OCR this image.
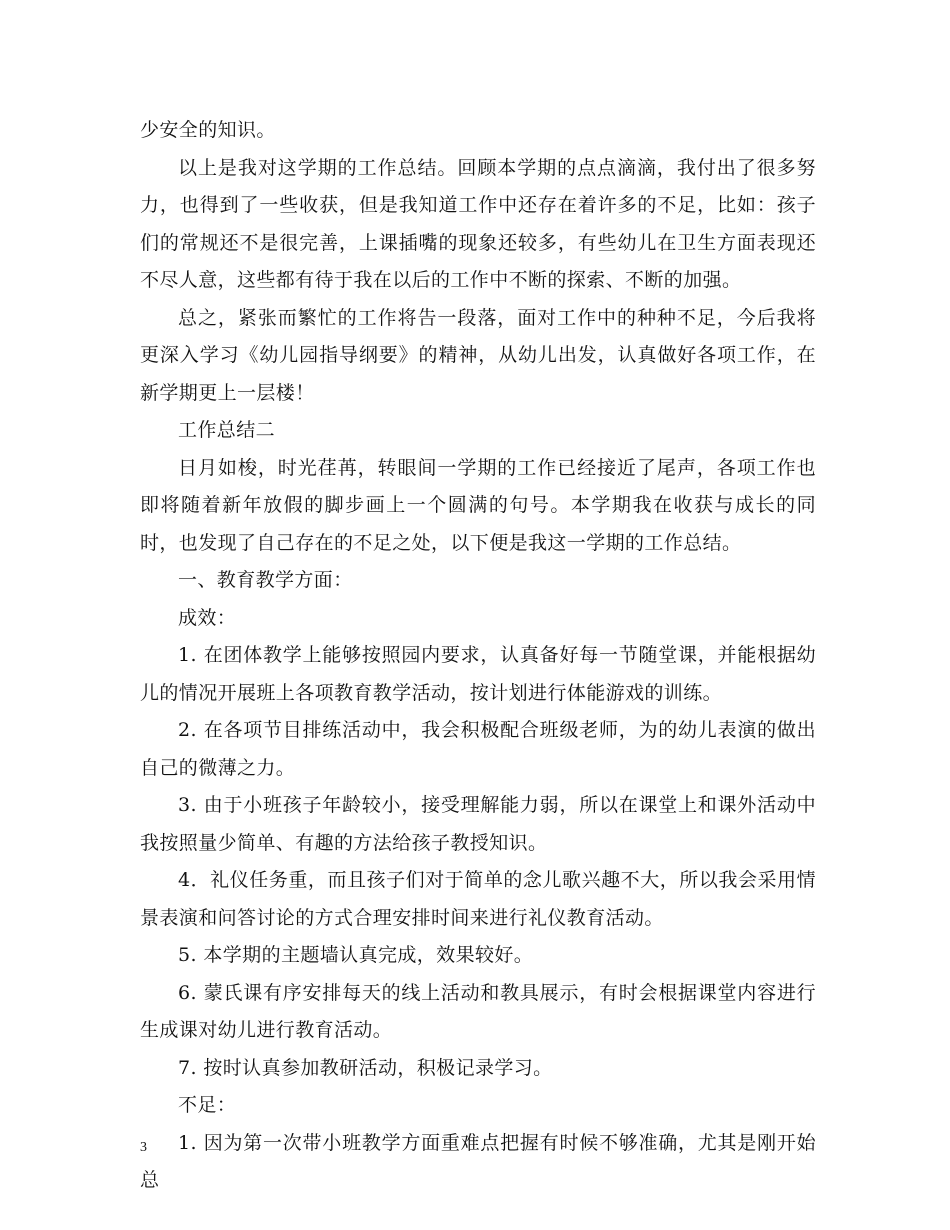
少安全的知识。

以上是我对这学期的工作总结。回顾本学期的点点滴滴，我付出了很多努力，也得到了一些收获，但是我知道工作中还存在着许多的不足，比如：孩子们的常规还不是很完善，上课插嘴的现象还较多，有些幼儿在卫生方面表现还不尽人意，这些都有待于我在以后的工作中不断的探索、不断的加强。

总之，紧张而繁忙的工作将告一段落，面对工作中的种种不足，今后我将更深入学习《幼儿园指导纲要》的精神，从幼儿出发，认真做好各项工作，在新学期更上一层楼！

工作总结二

日月如梭，时光荏苒，转眼间一学期的工作已经接近了尾声，各项工作也即将随着新年放假的脚步画上一个圆满的句号。本学期我在收获与成长的同时，也发现了自己存在的不足之处，以下便是我这一学期的工作总结。

一、教育教学方面：

成效：

1. 在团体教学上能够按照园内要求，认真备好每一节随堂课，并能根据幼儿的情况开展班上各项教育教学活动，按计划进行体能游戏的训练。

2. 在各项节目排练活动中，我会积极配合班级老师，为的幼儿表演的做出自己的微薄之力。

3. 由于小班孩子年龄较小，接受理解能力弱，所以在课堂上和课外活动中我按照量少简单、有趣的方法给孩子教授知识。

4．礼仪任务重，而且孩子们对于简单的念儿歌兴趣不大，所以我会采用情景表演和问答讨论的方式合理安排时间来进行礼仪教育活动。

5. 本学期的主题墙认真完成，效果较好。

6. 蒙氏课有序安排每天的线上活动和教具展示，有时会根据课堂内容进行生成课对幼儿进行教育活动。

7. 按时认真参加教研活动，积极记录学习。

不足：

1. 因为第一次带小班教学方面重难点把握有时候不够准确，尤其是刚开始总

3
